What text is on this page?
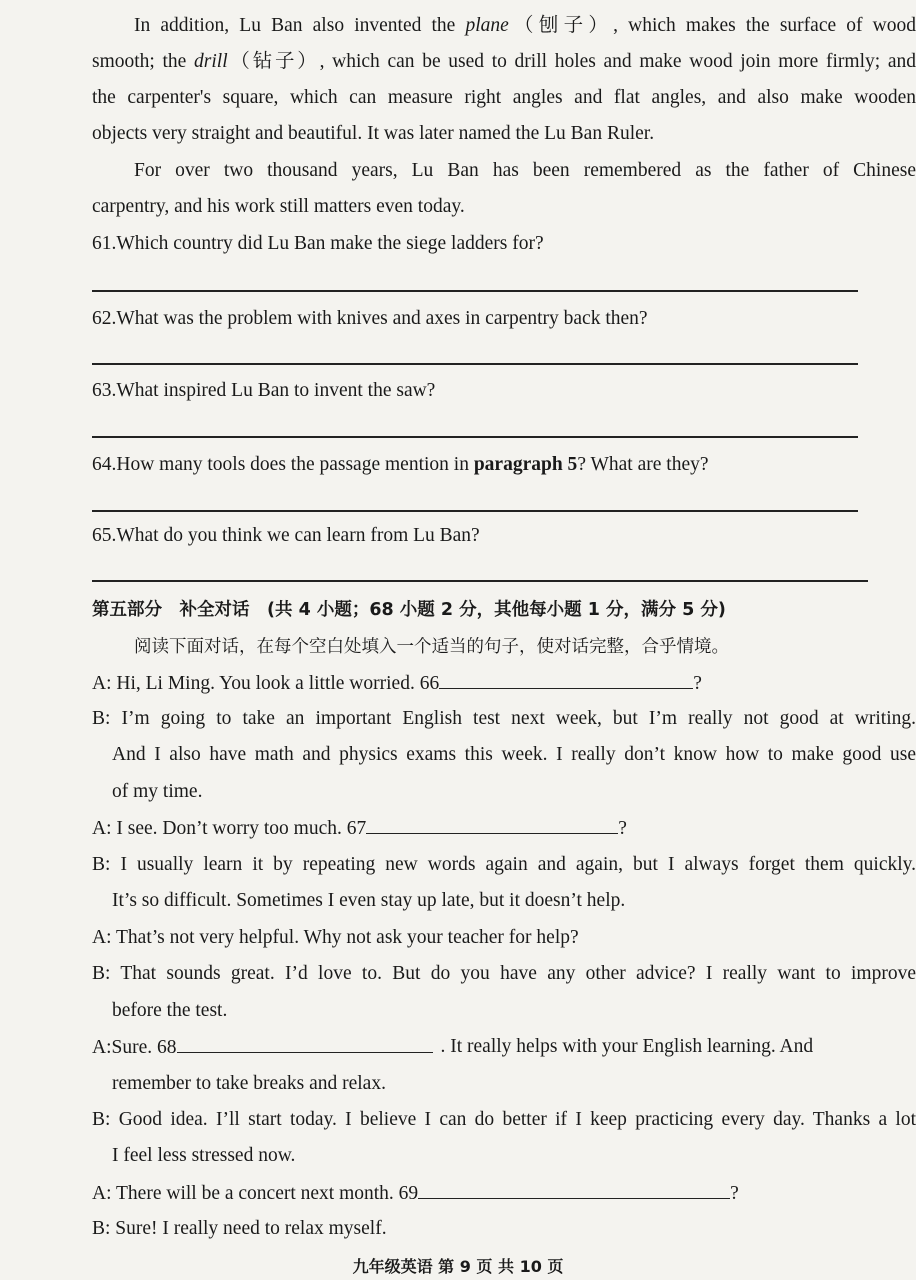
In addition, Lu Ban also invented the plane（刨子）, which makes the surface of wood
smooth; the drill（钻子）, which can be used to drill holes and make wood join more firmly; and
the carpenter's square, which can measure right angles and flat angles, and also make wooden
objects very straight and beautiful. It was later named the Lu Ban Ruler.
For over two thousand years, Lu Ban has been remembered as the father of Chinese
carpentry, and his work still matters even today.
61.Which country did Lu Ban make the siege ladders for?
62.What was the problem with knives and axes in carpentry back then?
63.What inspired Lu Ban to invent the saw?
64.How many tools does the passage mention in paragraph 5? What are they?
65.What do you think we can learn from Lu Ban?
第五部分　补全对话　(共 4 小题；68 小题 2 分，其他每小题 1 分，满分 5 分)
阅读下面对话，在每个空白处填入一个适当的句子，使对话完整，合乎情境。
A: Hi, Li Ming. You look a little worried. 66	?
B: I’m going to take an important English test next week, but I’m really not good at writing.
And I also have math and physics exams this week. I really don’t know how to make good use
of my time.
A: I see. Don’t worry too much. 67	?
B: I usually learn it by repeating new words again and again, but I always forget them quickly.
It’s so difficult. Sometimes I even stay up late, but it doesn’t help.
A: That’s not very helpful. Why not ask your teacher for help?
B: That sounds great. I’d love to. But do you have any other advice? I really want to improve
before the test.
A:Sure. 68	. It really helps with your English learning. And
remember to take breaks and relax.
B: Good idea. I’ll start today. I believe I can do better if I keep practicing every day. Thanks a lot
I feel less stressed now.
A: There will be a concert next month. 69	?
B: Sure! I really need to relax myself.
九年级英语 第 9 页 共 10 页
